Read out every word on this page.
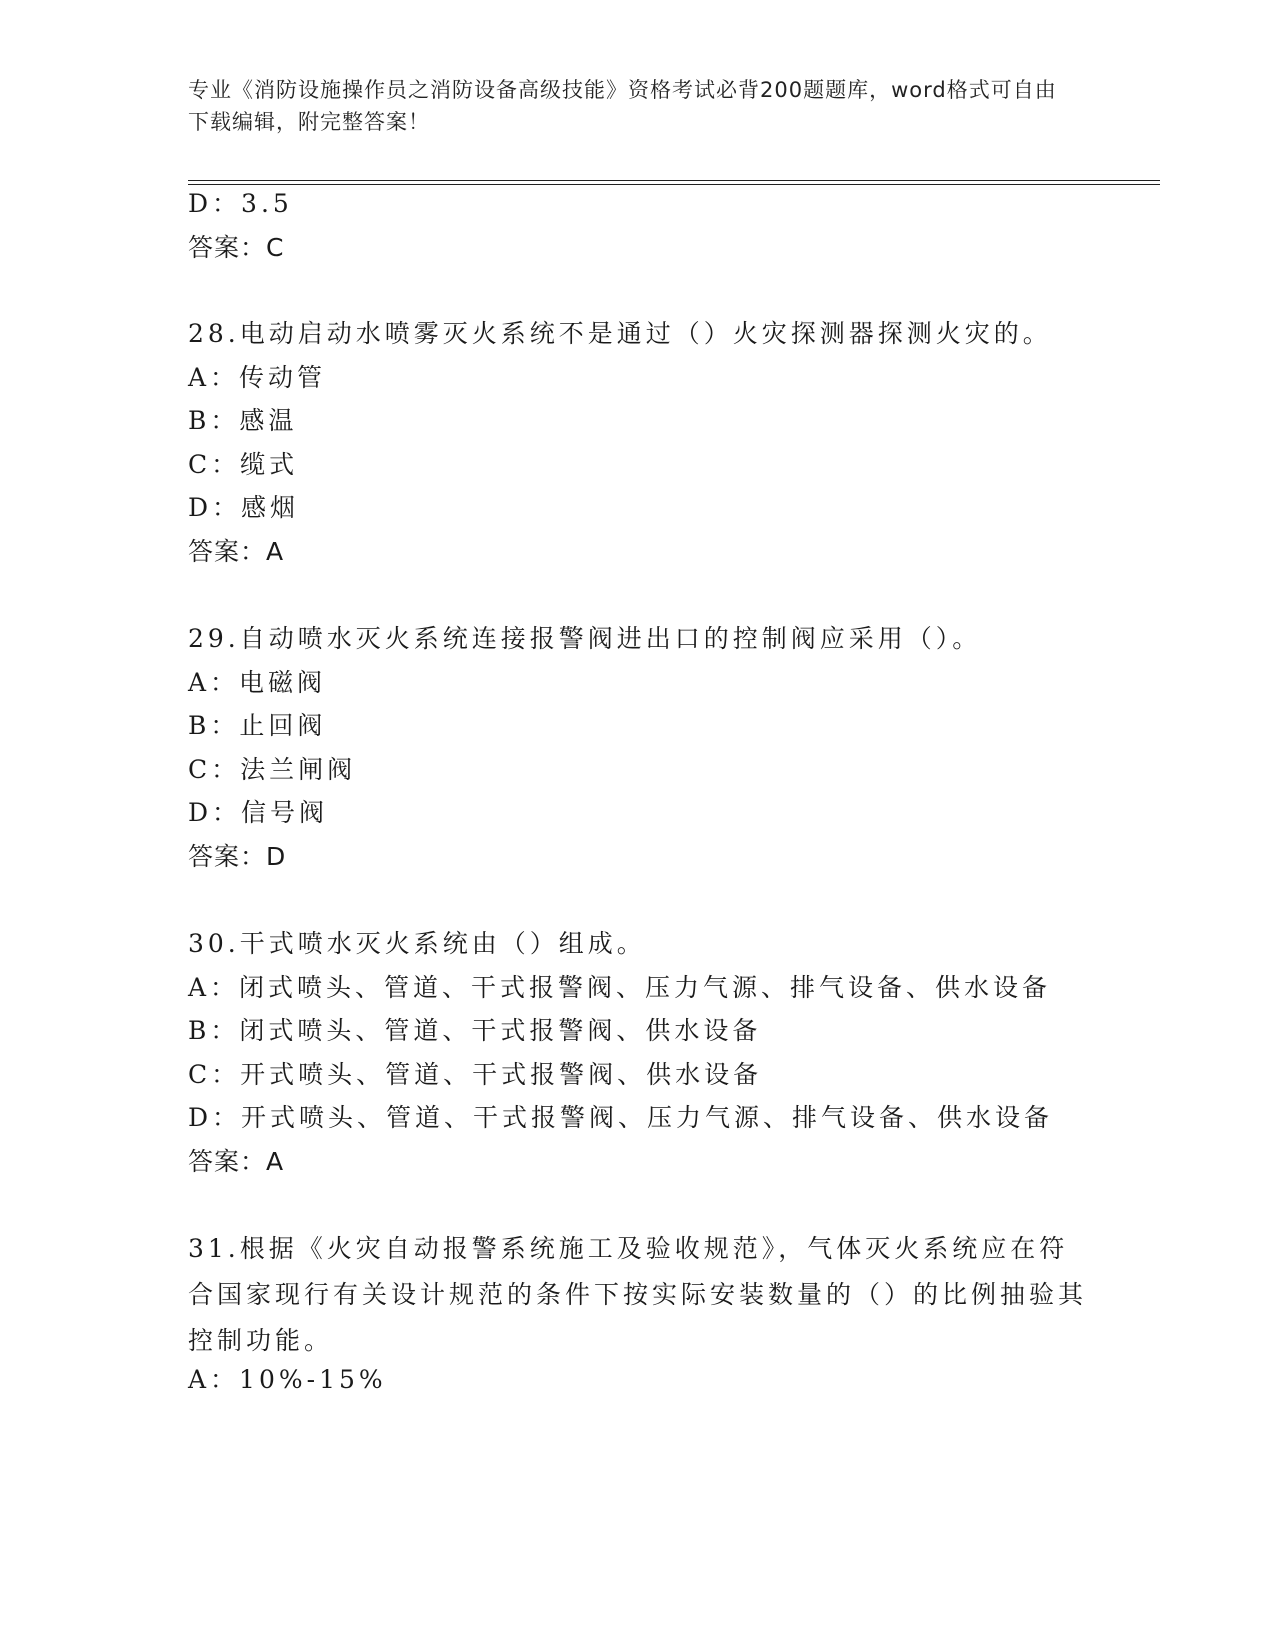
专业《消防设施操作员之消防设备高级技能》资格考试必背200题题库，word格式可自由下载编辑，附完整答案！
D：3.5
答案：C
28.电动启动水喷雾灭火系统不是通过（）火灾探测器探测火灾的。
A：传动管
B：感温
C：缆式
D：感烟
答案：A
29.自动喷水灭火系统连接报警阀进出口的控制阀应采用（）。
A：电磁阀
B：止回阀
C：法兰闸阀
D：信号阀
答案：D
30.干式喷水灭火系统由（）组成。
A：闭式喷头、管道、干式报警阀、压力气源、排气设备、供水设备
B：闭式喷头、管道、干式报警阀、供水设备
C：开式喷头、管道、干式报警阀、供水设备
D：开式喷头、管道、干式报警阀、压力气源、排气设备、供水设备
答案：A
31.根据《火灾自动报警系统施工及验收规范》，气体灭火系统应在符合国家现行有关设计规范的条件下按实际安装数量的（）的比例抽验其控制功能。
A：10%-15%
